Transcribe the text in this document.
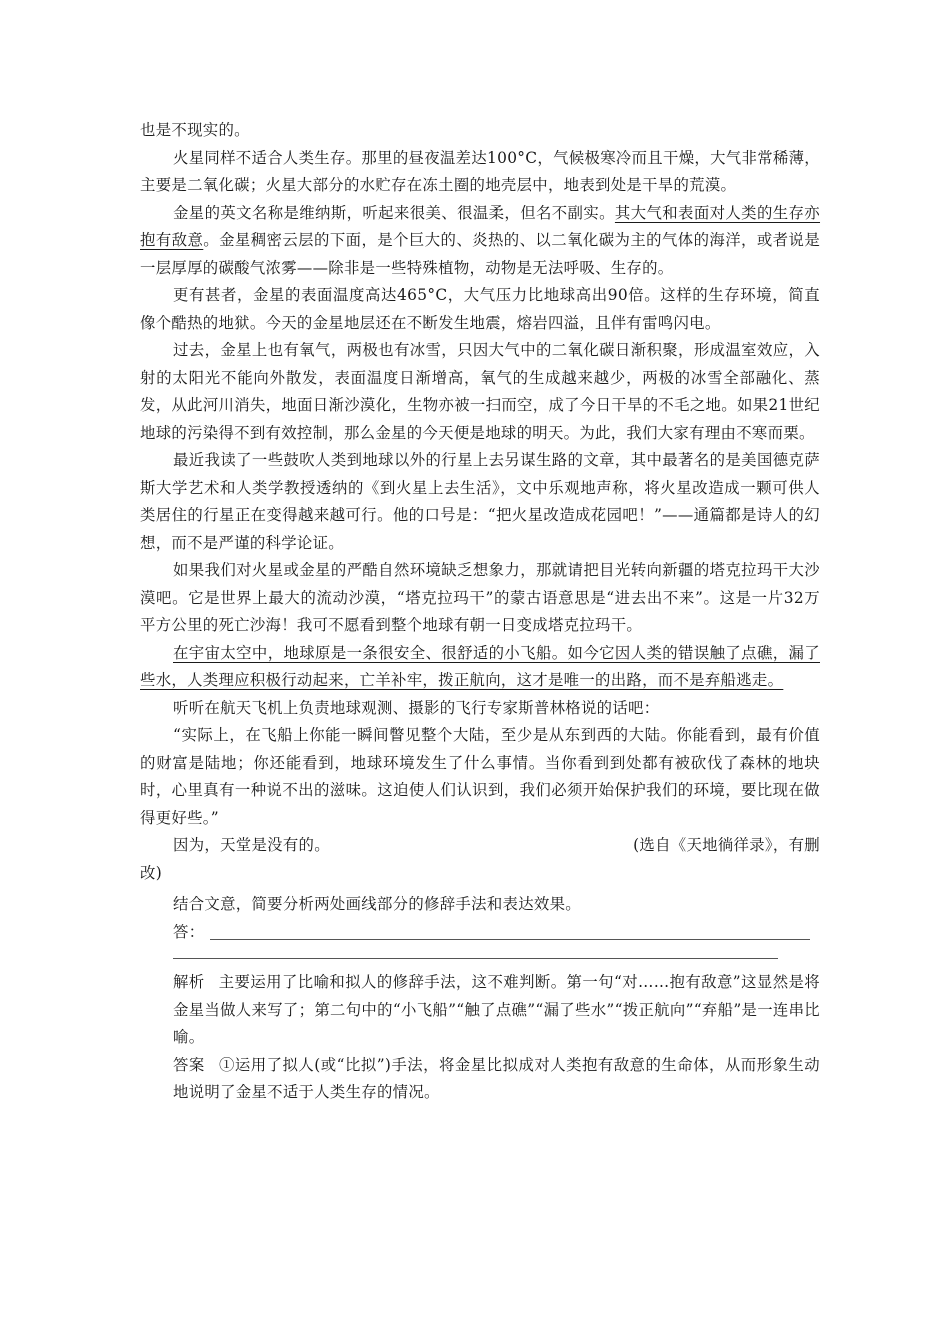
也是不现实的。

火星同样不适合人类生存。那里的昼夜温差达100°C，气候极寒冷而且干燥，大气非常稀薄，主要是二氧化碳；火星大部分的水贮存在冻土圈的地壳层中，地表到处是干旱的荒漠。

金星的英文名称是维纳斯，听起来很美、很温柔，但名不副实。其大气和表面对人类的生存亦抱有敌意。金星稠密云层的下面，是个巨大的、炎热的、以二氧化碳为主的气体的海洋，或者说是一层厚厚的碳酸气浓雾——除非是一些特殊植物，动物是无法呼吸、生存的。

更有甚者，金星的表面温度高达465°C，大气压力比地球高出90倍。这样的生存环境，简直像个酷热的地狱。今天的金星地层还在不断发生地震，熔岩四溢，且伴有雷鸣闪电。

过去，金星上也有氧气，两极也有冰雪，只因大气中的二氧化碳日渐积聚，形成温室效应，入射的太阳光不能向外散发，表面温度日渐增高，氧气的生成越来越少，两极的冰雪全部融化、蒸发，从此河川消失，地面日渐沙漠化，生物亦被一扫而空，成了今日干旱的不毛之地。如果21世纪地球的污染得不到有效控制，那么金星的今天便是地球的明天。为此，我们大家有理由不寒而栗。

最近我读了一些鼓吹人类到地球以外的行星上去另谋生路的文章，其中最著名的是美国德克萨斯大学艺术和人类学教授透纳的《到火星上去生活》，文中乐观地声称，将火星改造成一颗可供人类居住的行星正在变得越来越可行。他的口号是：“把火星改造成花园吧！”——通篇都是诗人的幻想，而不是严谨的科学论证。

如果我们对火星或金星的严酷自然环境缺乏想象力，那就请把目光转向新疆的塔克拉玛干大沙漠吧。它是世界上最大的流动沙漠，“塔克拉玛干”的蒙古语意思是“进去出不来”。这是一片32万平方公里的死亡沙海！我可不愿看到整个地球有朝一日变成塔克拉玛干。

在宇宙太空中，地球原是一条很安全、很舒适的小飞船。如今它因人类的错误触了点礁，漏了些水，人类理应积极行动起来，亡羊补牢，拨正航向，这才是唯一的出路，而不是弃船逃走。

听听在航天飞机上负责地球观测、摄影的飞行专家斯普林格说的话吧：

“实际上，在飞船上你能一瞬间瞥见整个大陆，至少是从东到西的大陆。你能看到，最有价值的财富是陆地；你还能看到，地球环境发生了什么事情。当你看到到处都有被砍伐了森林的地块时，心里真有一种说不出的滋味。这迫使人们认识到，我们必须开始保护我们的环境，要比现在做得更好些。”

因为，天堂是没有的。	(选自《天地徜徉录》，有删

改)

结合文意，简要分析两处画线部分的修辞手法和表达效果。

答：

解析 主要运用了比喻和拟人的修辞手法，这不难判断。第一句“对……抱有敌意”这显然是将金星当做人来写了；第二句中的“小飞船”“触了点礁”“漏了些水”“拨正航向”“弃船”是一连串比喻。

答案 ①运用了拟人(或“比拟”)手法，将金星比拟成对人类抱有敌意的生命体，从而形象生动地说明了金星不适于人类生存的情况。
